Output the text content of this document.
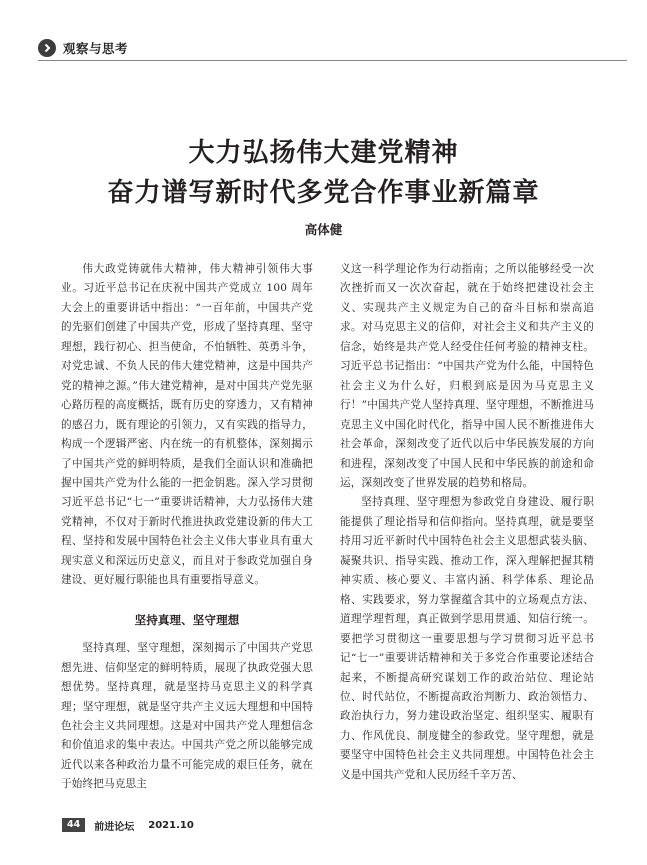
观察与思考
大力弘扬伟大建党精神
奋力谱写新时代多党合作事业新篇章
高体健

伟大政党铸就伟大精神，伟大精神引领伟大事业。习近平总书记在庆祝中国共产党成立 100 周年大会上的重要讲话中指出：“一百年前，中国共产党的先驱们创建了中国共产党，形成了坚持真理、坚守理想，践行初心、担当使命，不怕牺牲、英勇斗争，对党忠诚、不负人民的伟大建党精神，这是中国共产党的精神之源。”伟大建党精神，是对中国共产党先驱心路历程的高度概括，既有历史的穿透力，又有精神的感召力，既有理论的引领力，又有实践的指导力，构成一个逻辑严密、内在统一的有机整体，深刻揭示了中国共产党的鲜明特质，是我们全面认识和准确把握中国共产党为什么能的一把金钥匙。深入学习贯彻习近平总书记“七一”重要讲话精神，大力弘扬伟大建党精神，不仅对于新时代推进执政党建设新的伟大工程、坚持和发展中国特色社会主义伟大事业具有重大现实意义和深远历史意义，而且对于参政党加强自身建设、更好履行职能也具有重要指导意义。

坚持真理、坚守理想

坚持真理、坚守理想，深刻揭示了中国共产党思想先进、信仰坚定的鲜明特质，展现了执政党强大思想优势。坚持真理，就是坚持马克思主义的科学真理；坚守理想，就是坚守共产主义远大理想和中国特色社会主义共同理想。这是对中国共产党人理想信念和价值追求的集中表达。中国共产党之所以能够完成近代以来各种政治力量不可能完成的艰巨任务，就在于始终把马克思主

义这一科学理论作为行动指南；之所以能够经受一次次挫折而又一次次奋起，就在于始终把建设社会主义、实现共产主义规定为自己的奋斗目标和崇高追求。对马克思主义的信仰，对社会主义和共产主义的信念，始终是共产党人经受住任何考验的精神支柱。习近平总书记指出：“中国共产党为什么能，中国特色社会主义为什么好，归根到底是因为马克思主义行！”中国共产党人坚持真理、坚守理想，不断推进马克思主义中国化时代化，指导中国人民不断推进伟大社会革命，深刻改变了近代以后中华民族发展的方向和进程，深刻改变了中国人民和中华民族的前途和命运，深刻改变了世界发展的趋势和格局。

坚持真理、坚守理想为参政党自身建设、履行职能提供了理论指导和信仰指向。坚持真理，就是要坚持用习近平新时代中国特色社会主义思想武装头脑、凝聚共识、指导实践、推动工作，深入理解把握其精神实质、核心要义、丰富内涵、科学体系、理论品格、实践要求，努力掌握蕴含其中的立场观点方法、道理学理哲理，真正做到学思用贯通、知信行统一。要把学习贯彻这一重要思想与学习贯彻习近平总书记“七一”重要讲话精神和关于多党合作重要论述结合起来，不断提高研究谋划工作的政治站位、理论站位、时代站位，不断提高政治判断力、政治领悟力、政治执行力，努力建设政治坚定、组织坚实、履职有力、作风优良、制度健全的参政党。坚守理想，就是要坚守中国特色社会主义共同理想。中国特色社会主义是中国共产党和人民历经千辛万苦、

44	前进论坛 2021.10
